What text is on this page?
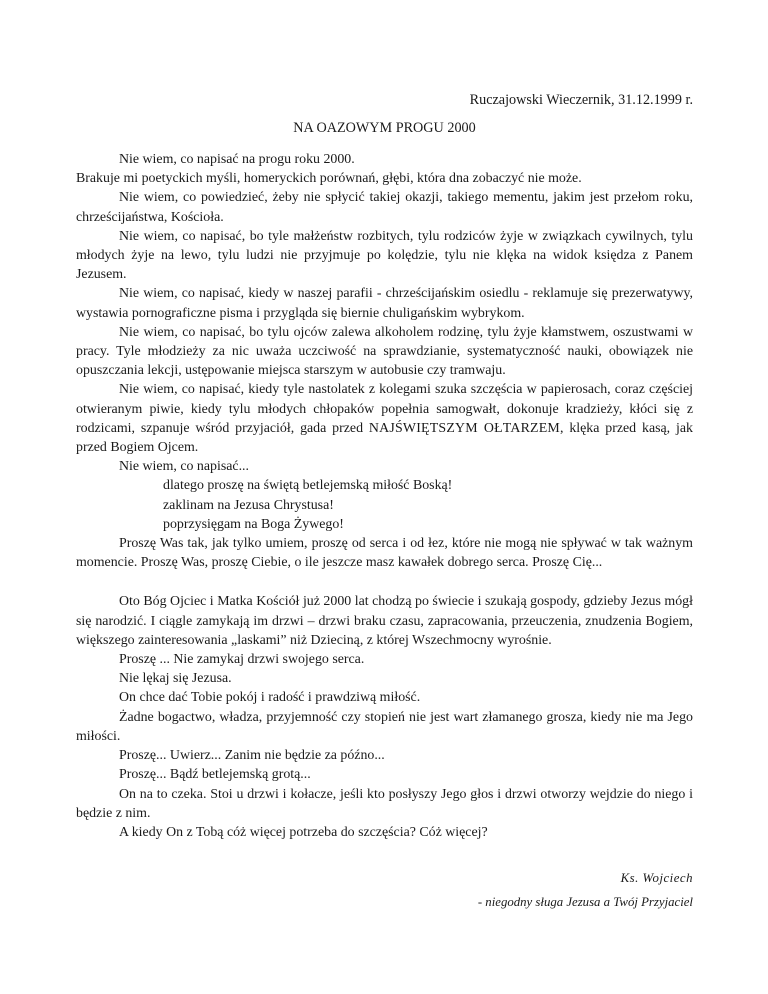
Ruczajowski Wieczernik, 31.12.1999 r.
NA OAZOWYM PROGU 2000

Nie wiem, co napisać na progu roku 2000.

Brakuje mi poetyckich myśli, homeryckich porównań, głębi, która dna zobaczyć nie może.

Nie wiem, co powiedzieć, żeby nie spłycić takiej okazji, takiego mementu, jakim jest przełom roku, chrześcijaństwa, Kościoła.

Nie wiem, co napisać, bo tyle małżeństw rozbitych, tylu rodziców żyje w związkach cywilnych, tylu młodych żyje na lewo, tylu ludzi nie przyjmuje po kolędzie, tylu nie klęka na widok księdza z Panem Jezusem.

Nie wiem, co napisać, kiedy w naszej parafii - chrześcijańskim osiedlu - reklamuje się prezerwatywy, wystawia pornograficzne pisma i przygląda się biernie chuligańskim wybrykom.

Nie wiem, co napisać, bo tylu ojców zalewa alkoholem rodzinę, tylu żyje kłamstwem, oszustwami w pracy. Tyle młodzieży za nic uważa uczciwość na sprawdzianie, systematyczność nauki, obowiązek nie opuszczania lekcji, ustępowanie miejsca starszym w autobusie czy tramwaju.

Nie wiem, co napisać, kiedy tyle nastolatek z kolegami szuka szczęścia w papierosach, coraz częściej otwieranym piwie, kiedy tylu młodych chłopaków popełnia samogwałt, dokonuje kradzieży, kłóci się z rodzicami, szpanuje wśród przyjaciół, gada przed NAJŚWIĘTSZYM OŁTARZEM, klęka przed kasą, jak przed Bogiem Ojcem.

Nie wiem, co napisać...

dlatego proszę na świętą betlejemską miłość Boską!

zaklinam na Jezusa Chrystusa!

poprzysięgam na Boga Żywego!

Proszę Was tak, jak tylko umiem, proszę od serca i od łez, które nie mogą nie spływać w tak ważnym momencie. Proszę Was, proszę Ciebie, o ile jeszcze masz kawałek dobrego serca. Proszę Cię...

Oto Bóg Ojciec i Matka Kościół już 2000 lat chodzą po świecie i szukają gospody, gdzieby Jezus mógł się narodzić. I ciągle zamykają im drzwi – drzwi braku czasu, zapracowania, przeuczenia, znudzenia Bogiem, większego zainteresowania „laskami” niż Dzieciną, z której Wszechmocny wyrośnie.

Proszę ... Nie zamykaj drzwi swojego serca.

Nie lękaj się Jezusa.

On chce dać Tobie pokój i radość i prawdziwą miłość.

Żadne bogactwo, władza, przyjemność czy stopień nie jest wart złamanego grosza, kiedy nie ma Jego miłości.

Proszę... Uwierz... Zanim nie będzie za późno...

Proszę... Bądź betlejemską grotą...

On na to czeka. Stoi u drzwi i kołacze, jeśli kto posłyszy Jego głos i drzwi otworzy wejdzie do niego i będzie z nim.

A kiedy On z Tobą cóż więcej potrzeba do szczęścia? Cóż więcej?

Ks. Wojciech
- niegodny sługa Jezusa a Twój Przyjaciel
